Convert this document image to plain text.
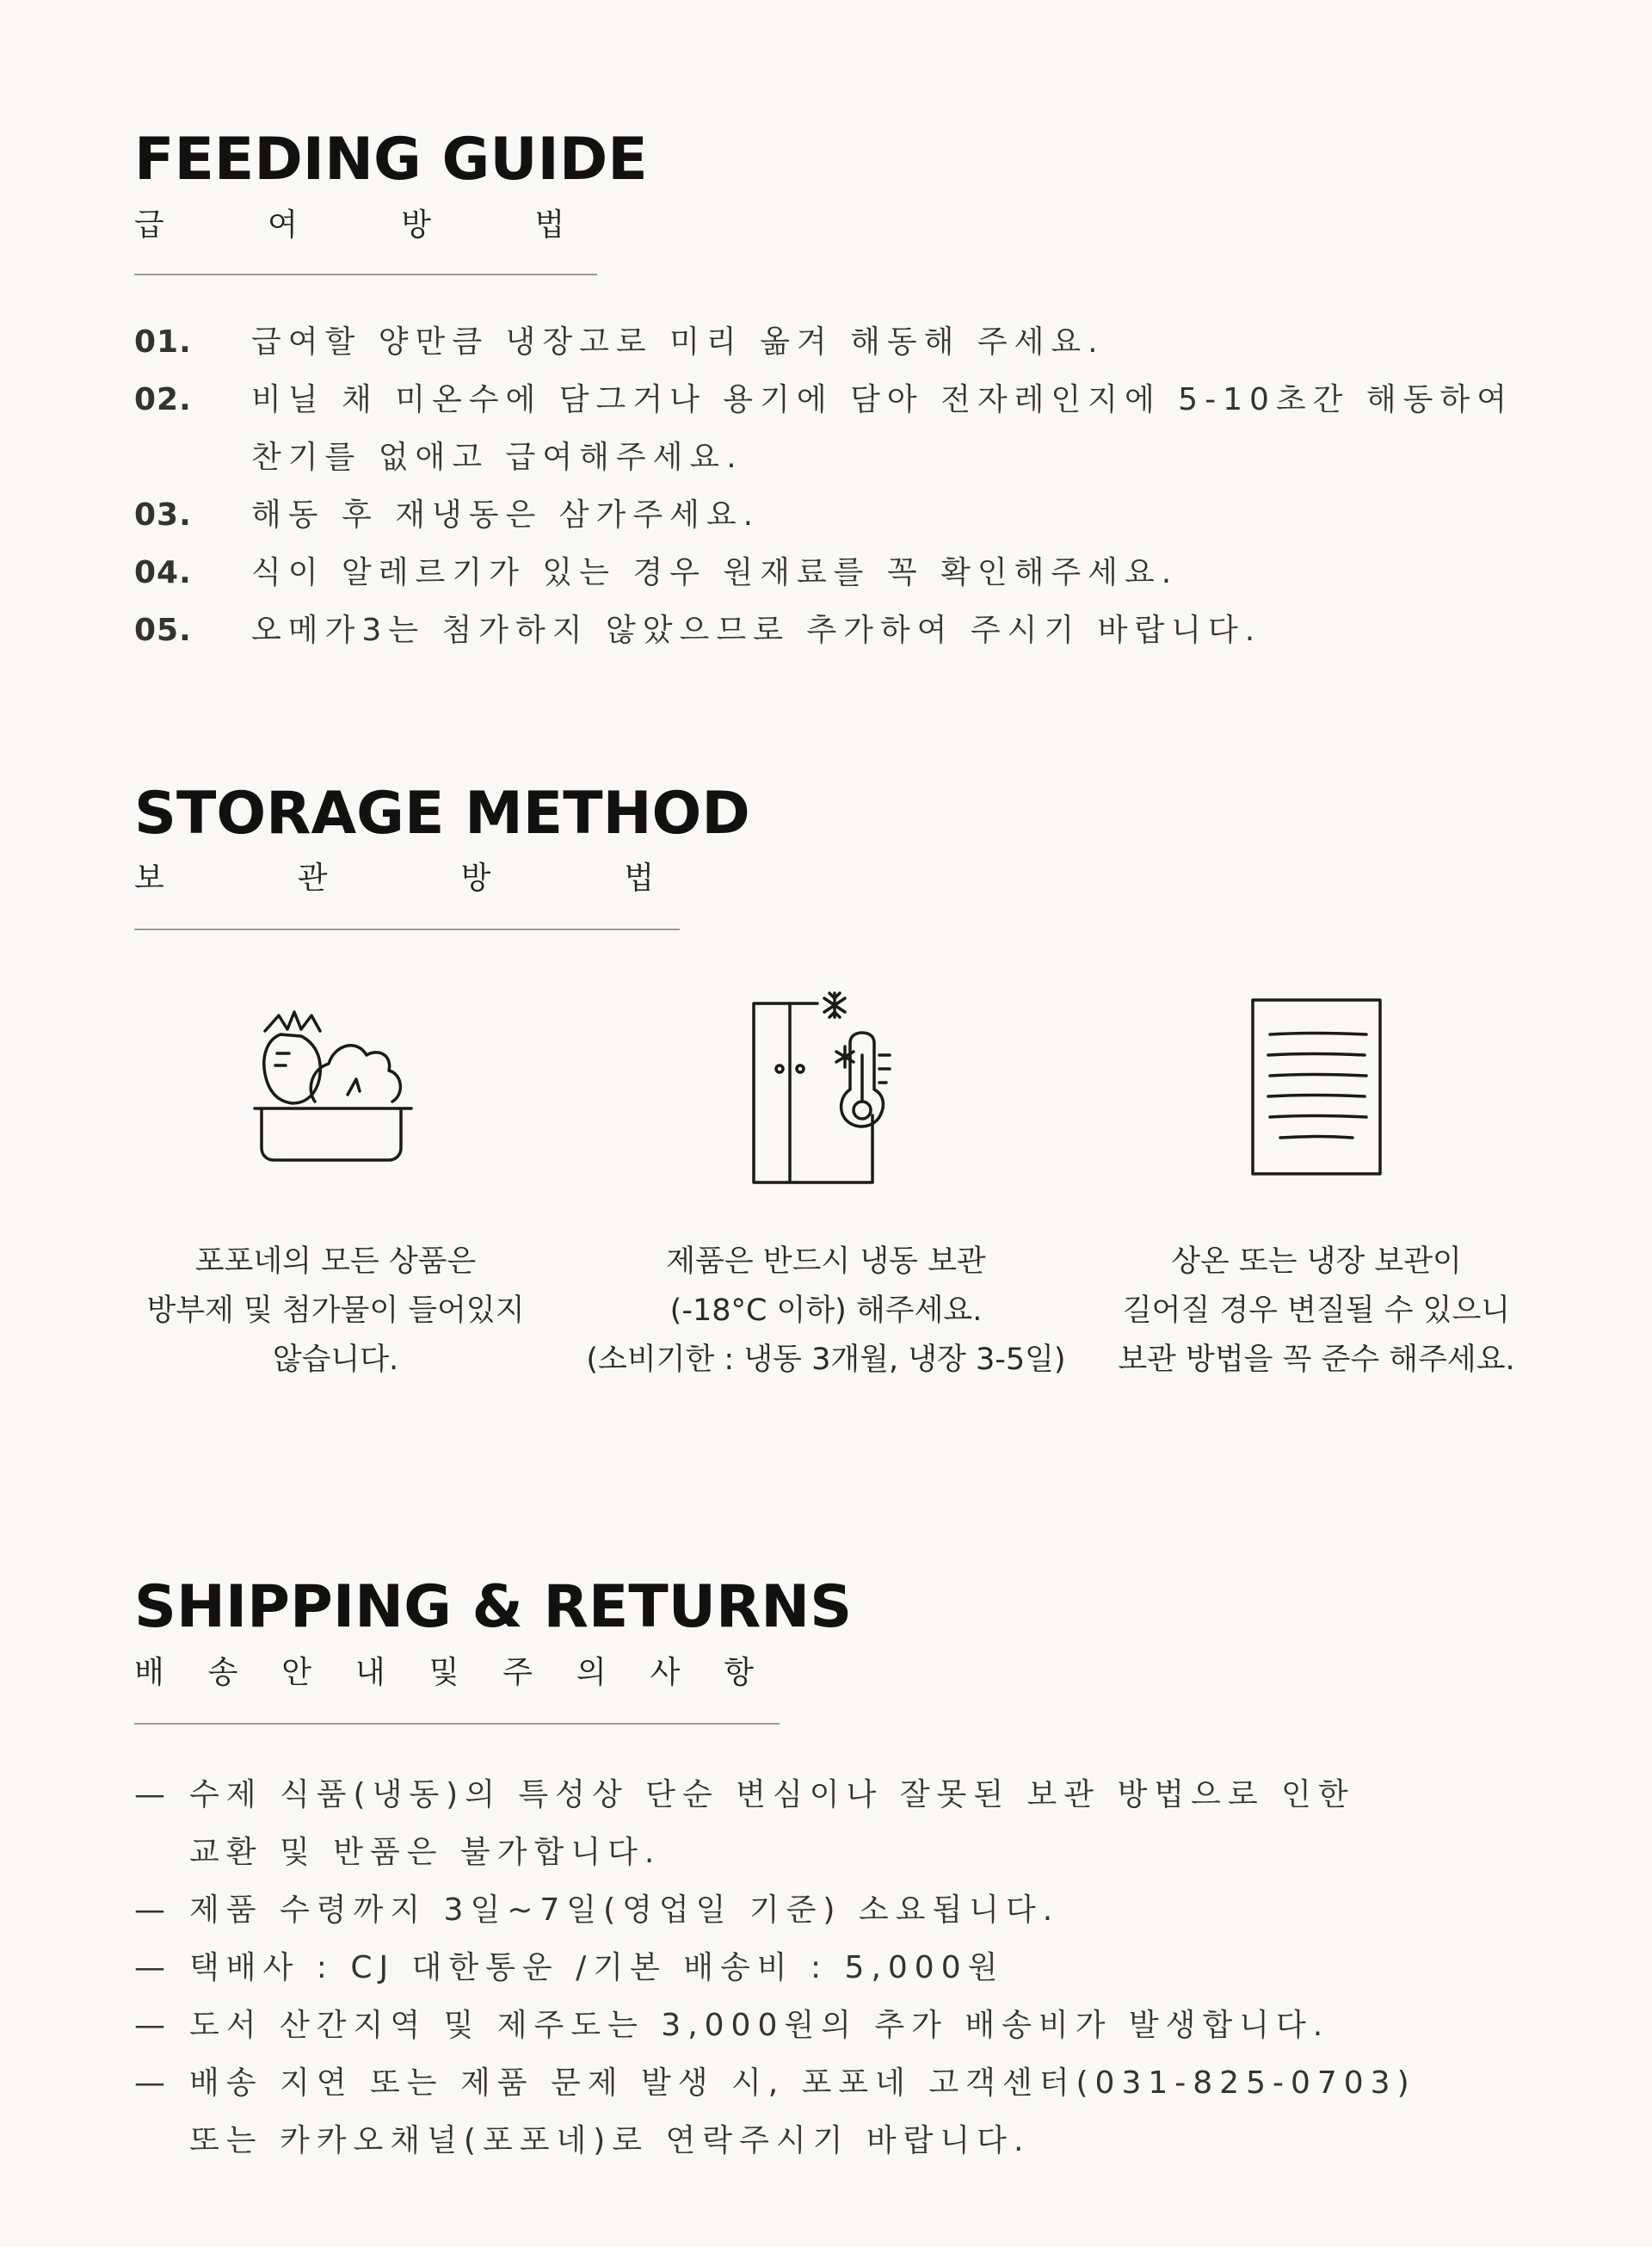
FEEDING GUIDE
급	여	방	법
01. 급여할 양만큼 냉장고로 미리 옮겨 해동해 주세요.
02. 비닐 채 미온수에 담그거나 용기에 담아 전자레인지에 5-10초간 해동하여
찬기를 없애고 급여해주세요.
03. 해동 후 재냉동은 삼가주세요.
04. 식이 알레르기가 있는 경우 원재료를 꼭 확인해주세요.
05. 오메가3는 첨가하지 않았으므로 추가하여 주시기 바랍니다.
STORAGE METHOD
보	관	방	법
포포네의 모든 상품은
방부제 및 첨가물이 들어있지
않습니다.
제품은 반드시 냉동 보관
(-18°C 이하) 해주세요.
(소비기한 : 냉동 3개월, 냉장 3-5일)
상온 또는 냉장 보관이
길어질 경우 변질될 수 있으니
보관 방법을 꼭 준수 해주세요.
SHIPPING & RETURNS
배 송 안 내 및 주 의 사 항
— 수제 식품(냉동)의 특성상 단순 변심이나 잘못된 보관 방법으로 인한
교환 및 반품은 불가합니다.
— 제품 수령까지 3일~7일(영업일 기준) 소요됩니다.
— 택배사 : CJ 대한통운 /기본 배송비 : 5,000원
— 도서 산간지역 및 제주도는 3,000원의 추가 배송비가 발생합니다.
— 배송 지연 또는 제품 문제 발생 시, 포포네 고객센터(031-825-0703)
또는 카카오채널(포포네)로 연락주시기 바랍니다.
